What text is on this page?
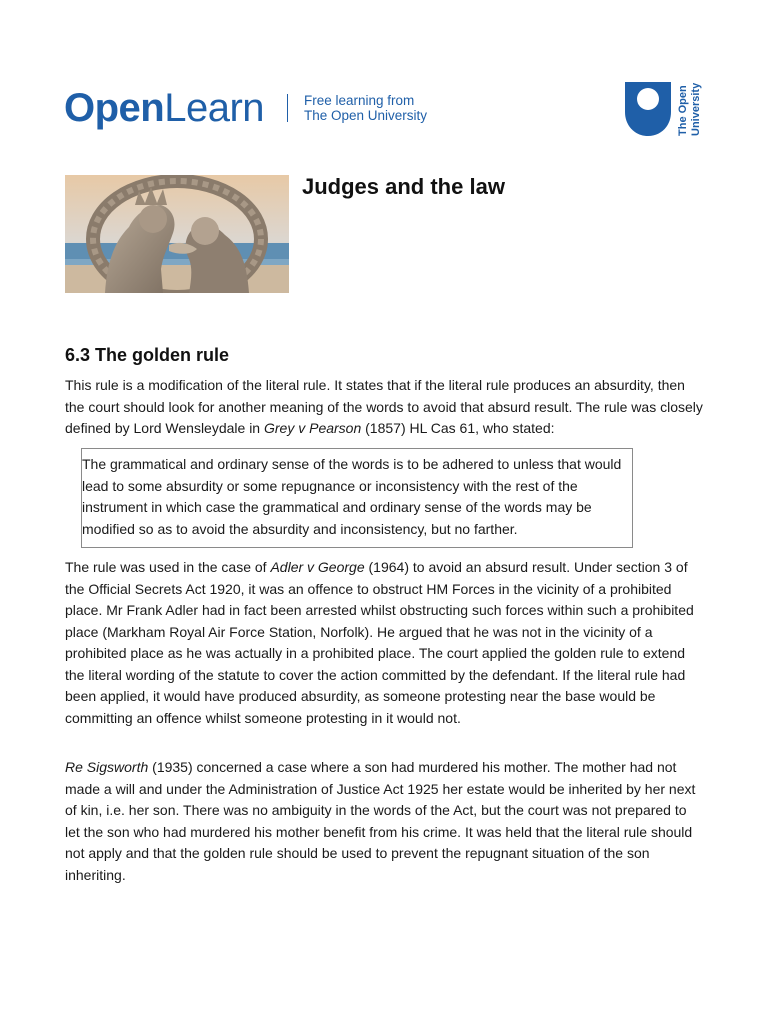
OpenLearn	Free learning from
The Open University	The Open University
Judges and the law
6.3 The golden rule

This rule is a modification of the literal rule. It states that if the literal rule produces an absurdity, then the court should look for another meaning of the words to avoid that absurd result. The rule was closely defined by Lord Wensleydale in Grey v Pearson (1857) HL Cas 61, who stated:

The grammatical and ordinary sense of the words is to be adhered to unless that would lead to some absurdity or some repugnance or inconsistency with the rest of the instrument in which case the grammatical and ordinary sense of the words may be modified so as to avoid the absurdity and inconsistency, but no farther.

The rule was used in the case of Adler v George (1964) to avoid an absurd result. Under section 3 of the Official Secrets Act 1920, it was an offence to obstruct HM Forces in the vicinity of a prohibited place. Mr Frank Adler had in fact been arrested whilst obstructing such forces within such a prohibited place (Markham Royal Air Force Station, Norfolk). He argued that he was not in the vicinity of a prohibited place as he was actually in a prohibited place. The court applied the golden rule to extend the literal wording of the statute to cover the action committed by the defendant. If the literal rule had been applied, it would have produced absurdity, as someone protesting near the base would be committing an offence whilst someone protesting in it would not.

Re Sigsworth (1935) concerned a case where a son had murdered his mother. The mother had not made a will and under the Administration of Justice Act 1925 her estate would be inherited by her next of kin, i.e. her son. There was no ambiguity in the words of the Act, but the court was not prepared to let the son who had murdered his mother benefit from his crime. It was held that the literal rule should not apply and that the golden rule should be used to prevent the repugnant situation of the son inheriting.
